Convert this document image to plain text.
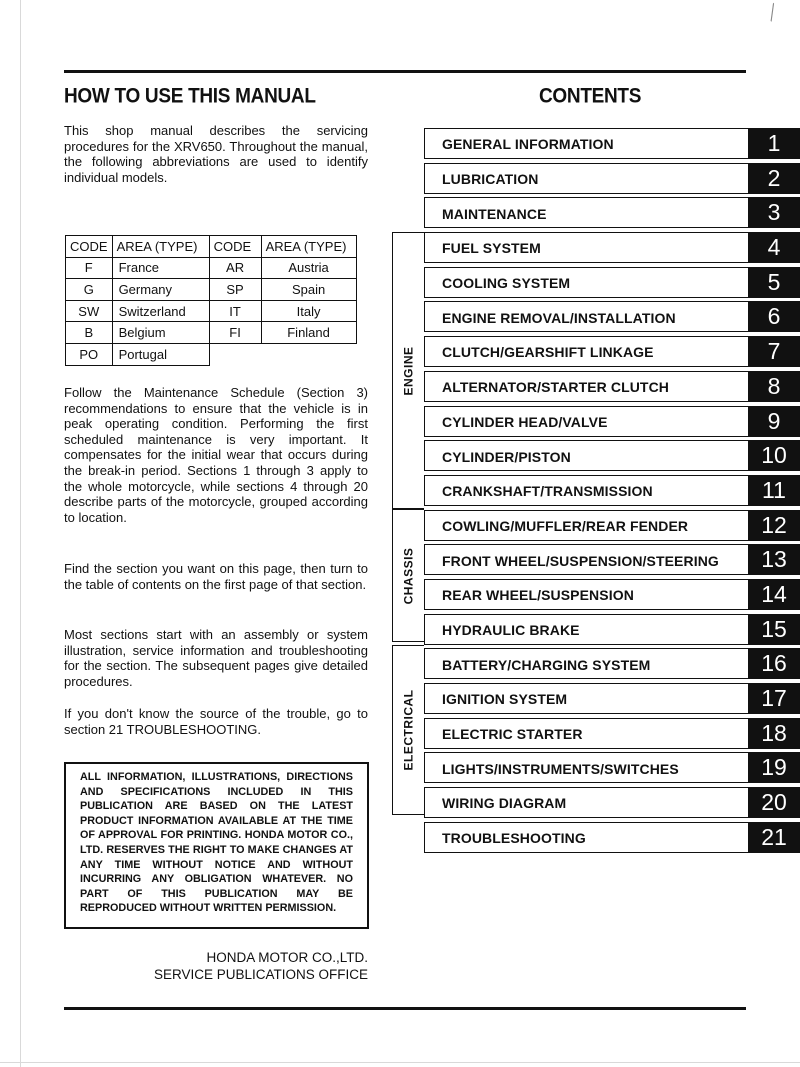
╲
HOW TO USE THIS MANUAL	CONTENTS

This shop manual describes the servicing procedures for the XRV650. Throughout the manual, the following abbreviations are used to identify individual models.

CODE	AREA (TYPE)	CODE	AREA (TYPE)
F	France	AR	Austria
G	Germany	SP	Spain
SW	Switzerland	IT	Italy
B	Belgium	FI	Finland
PO	Portugal		

Follow the Maintenance Schedule (Section 3) recommendations to ensure that the vehicle is in peak operating condition. Performing the first scheduled maintenance is very important. It compensates for the initial wear that occurs during the break-in period. Sections 1 through 3 apply to the whole motorcycle, while sections 4 through 20 describe parts of the motorcycle, grouped according to location.

Find the section you want on this page, then turn to the table of contents on the first page of that section.

Most sections start with an assembly or system illustration, service information and troubleshooting for the section. The subsequent pages give detailed procedures.

If you don't know the source of the trouble, go to section 21 TROUBLESHOOTING.

ALL INFORMATION, ILLUSTRATIONS, DIRECTIONS AND SPECIFICATIONS INCLUDED IN THIS PUBLICATION ARE BASED ON THE LATEST PRODUCT INFORMATION AVAILABLE AT THE TIME OF APPROVAL FOR PRINTING. HONDA MOTOR CO., LTD. RESERVES THE RIGHT TO MAKE CHANGES AT ANY TIME WITHOUT NOTICE AND WITHOUT INCURRING ANY OBLIGATION WHATEVER. NO PART OF THIS PUBLICATION MAY BE REPRODUCED WITHOUT WRITTEN PERMISSION.
HONDA MOTOR CO.,LTD.
SERVICE PUBLICATIONS OFFICE
ENGINE
CHASSIS
ELECTRICAL
GENERAL INFORMATION	1
LUBRICATION	2
MAINTENANCE	3
FUEL SYSTEM	4
COOLING SYSTEM	5
ENGINE REMOVAL/INSTALLATION	6
CLUTCH/GEARSHIFT LINKAGE	7
ALTERNATOR/STARTER CLUTCH	8
CYLINDER HEAD/VALVE	9
CYLINDER/PISTON	10
CRANKSHAFT/TRANSMISSION	11
COWLING/MUFFLER/REAR FENDER	12
FRONT WHEEL/SUSPENSION/STEERING	13
REAR WHEEL/SUSPENSION	14
HYDRAULIC BRAKE	15
BATTERY/CHARGING SYSTEM	16
IGNITION SYSTEM	17
ELECTRIC STARTER	18
LIGHTS/INSTRUMENTS/SWITCHES	19
WIRING DIAGRAM	20
TROUBLESHOOTING	21
